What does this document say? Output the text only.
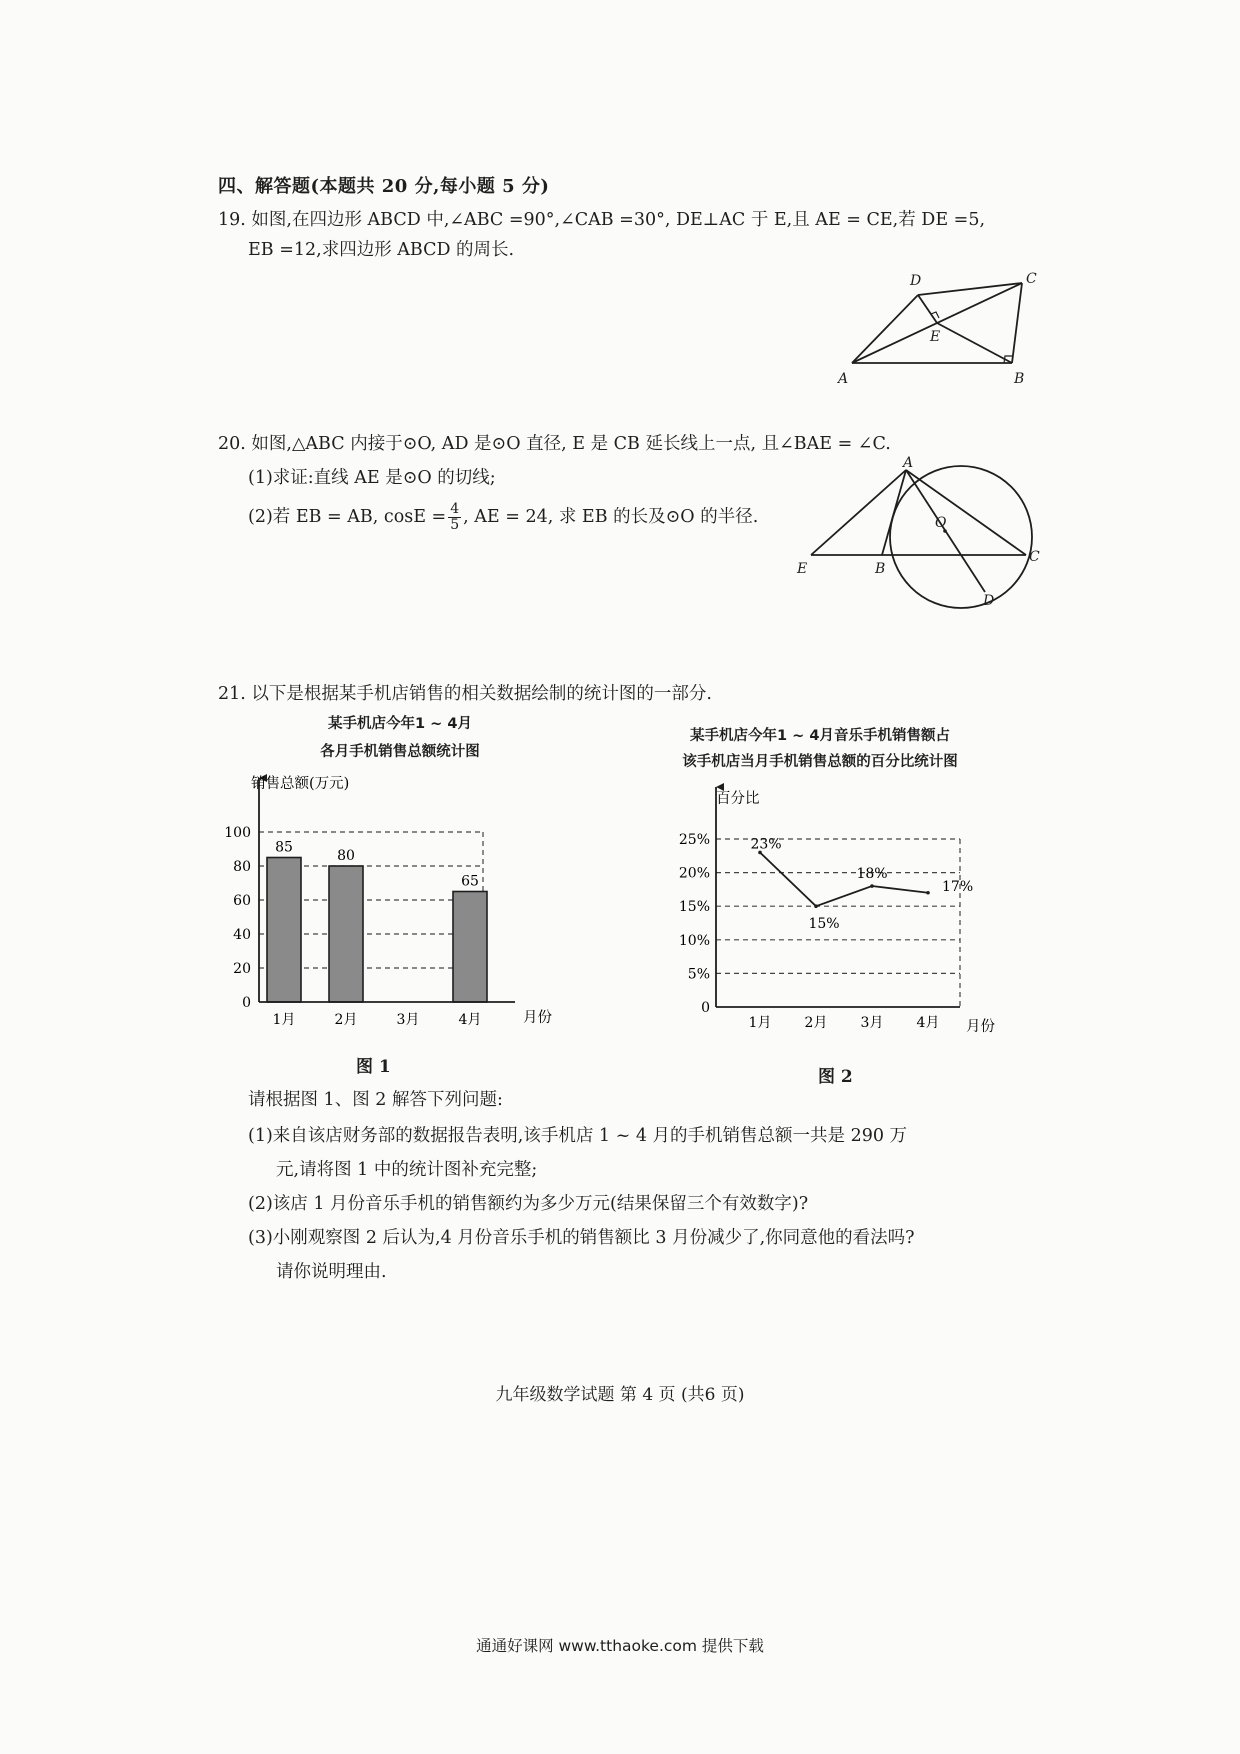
四、解答题(本题共 20 分,每小题 5 分)
19. 如图,在四边形 ABCD 中,∠ABC =90°,∠CAB =30°, DE⊥AC 于 E,且 AE = CE,若 DE =5,
EB =12,求四边形 ABCD 的周长.
A	B
C
D
E
20. 如图,△ABC 内接于⊙O, AD 是⊙O 直径, E 是 CB 延长线上一点, 且∠BAE = ∠C.
(1)求证:直线 AE 是⊙O 的切线;
(2)若 EB = AB, $\cos E = \frac{4}{5}$ , AE = 24, 求 EB 的长及⊙O 的半径.
A
B
C
D
E
O
21. 以下是根据某手机店销售的相关数据绘制的统计图的一部分.
某手机店今年1 ~ 4月
各月手机销售总额统计图
某手机店今年1 ~ 4月音乐手机销售额占
该手机店当月手机销售总额的百分比统计图
销售总额(万元)
月份
0
20
40
60
80
100
85
1月
80
2月	3月
65
4月
图 1
百分比
月份
0
5%
10%
15%
20%
25%	23%
1月
15%
2月
18%
3月
17%
4月
图 2
请根据图 1、图 2 解答下列问题:
(1)来自该店财务部的数据报告表明,该手机店 1 ~ 4 月的手机销售总额一共是 290 万
元,请将图 1 中的统计图补充完整;
(2)该店 1 月份音乐手机的销售额约为多少万元(结果保留三个有效数字)?
(3)小刚观察图 2 后认为,4 月份音乐手机的销售额比 3 月份减少了,你同意他的看法吗?
请你说明理由.
九年级数学试题 第 4 页 (共6 页)
通通好课网 www.tthaoke.com 提供下载
